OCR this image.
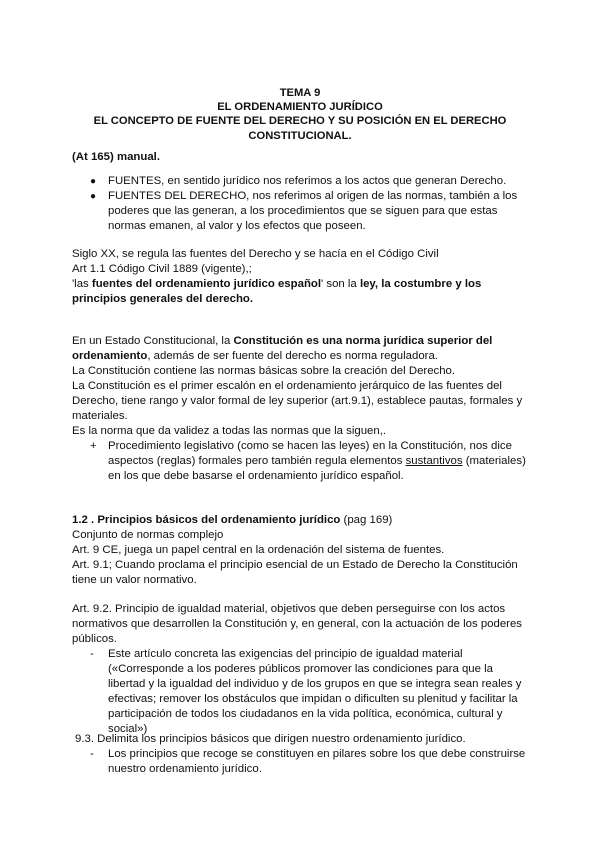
TEMA 9
EL ORDENAMIENTO JURÍDICO
EL CONCEPTO DE FUENTE DEL DERECHO Y SU POSICIÓN EN EL DERECHO
CONSTITUCIONAL.
(At 165) manual.
● FUENTES, en sentido jurídico nos referimos a los actos que generan Derecho.
● FUENTES DEL DERECHO, nos referimos al origen de las normas, también a los poderes que las generan, a los procedimientos que se siguen para que estas normas emanen, al valor y los efectos que poseen.

Siglo XX, se regula las fuentes del Derecho y se hacía en el Código Civil

Art 1.1 Código Civil 1889 (vigente),;

'las fuentes del ordenamiento jurídico español' son la ley, la costumbre y los principios generales del derecho.

En un Estado Constitucional, la Constitución es una norma jurídica superior del ordenamiento, además de ser fuente del derecho es norma reguladora.

La Constitución contiene las normas básicas sobre la creación del Derecho.

La Constitución es el primer escalón en el ordenamiento jerárquico de las fuentes del Derecho, tiene rango y valor formal de ley superior (art.9.1), establece pautas, formales y materiales.

Es la norma que da validez a todas las normas que la siguen,.

+ Procedimiento legislativo (como se hacen las leyes) en la Constitución, nos dice aspectos (reglas) formales pero también regula elementos sustantivos (materiales) en los que debe basarse el ordenamiento jurídico español.

1.2 . Principios básicos del ordenamiento jurídico (pag 169)

Conjunto de normas complejo

Art. 9 CE, juega un papel central en la ordenación del sistema de fuentes.

Art. 9.1; Cuando proclama el principio esencial de un Estado de Derecho la Constitución tiene un valor normativo.

Art. 9.2. Principio de igualdad material, objetivos que deben perseguirse con los actos normativos que desarrollen la Constitución y, en general, con la actuación de los poderes públicos.

- Este artículo concreta las exigencias del principio de igualdad material («Corresponde a los poderes públicos promover las condiciones para que la libertad y la igualdad del individuo y de los grupos en que se integra sean reales y efectivas; remover los obstáculos que impidan o dificulten su plenitud y facilitar la participación de todos los ciudadanos en la vida política, económica, cultural y social»)

9.3. Delimita los principios básicos que dirigen nuestro ordenamiento jurídico.

- Los principios que recoge se constituyen en pilares sobre los que debe construirse nuestro ordenamiento jurídico.
